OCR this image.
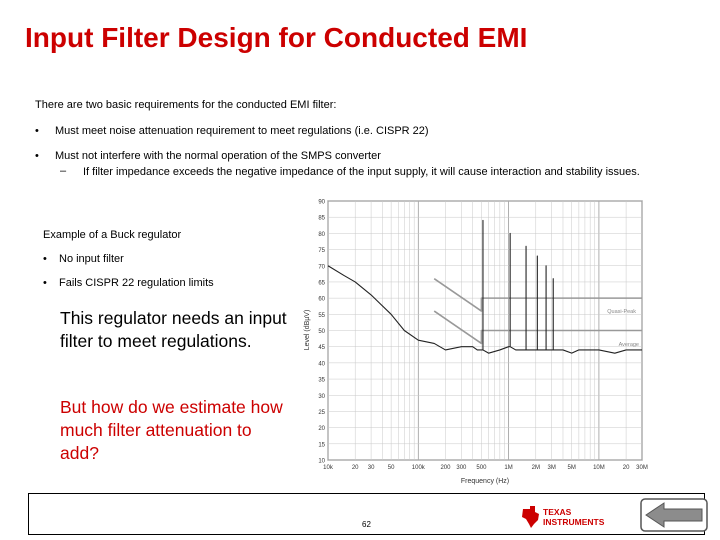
Input Filter Design for Conducted EMI
There are two basic requirements for the conducted EMI filter:
• Must meet noise attenuation requirement to meet regulations (i.e. CISPR 22)
• Must not interfere with the normal operation of the SMPS converter
– If filter impedance exceeds the negative impedance of the input supply, it will cause interaction and stability issues.
Example of a Buck regulator
• No input filter
• Fails CISPR 22 regulation limits
This regulator needs an input filter to meet regulations.
But how do we estimate how much filter attenuation to add?	10
15
20
25
30
35
40
45
50
55
60
65
70
75
80
85
90
10k	20 30 50	100k	200 300 500	1M	2M 3M 5M	10M	20 30M
Level (dBµV)
Frequency (Hz)
Quasi-Peak
Average
62
TEXAS
INSTRUMENTS
